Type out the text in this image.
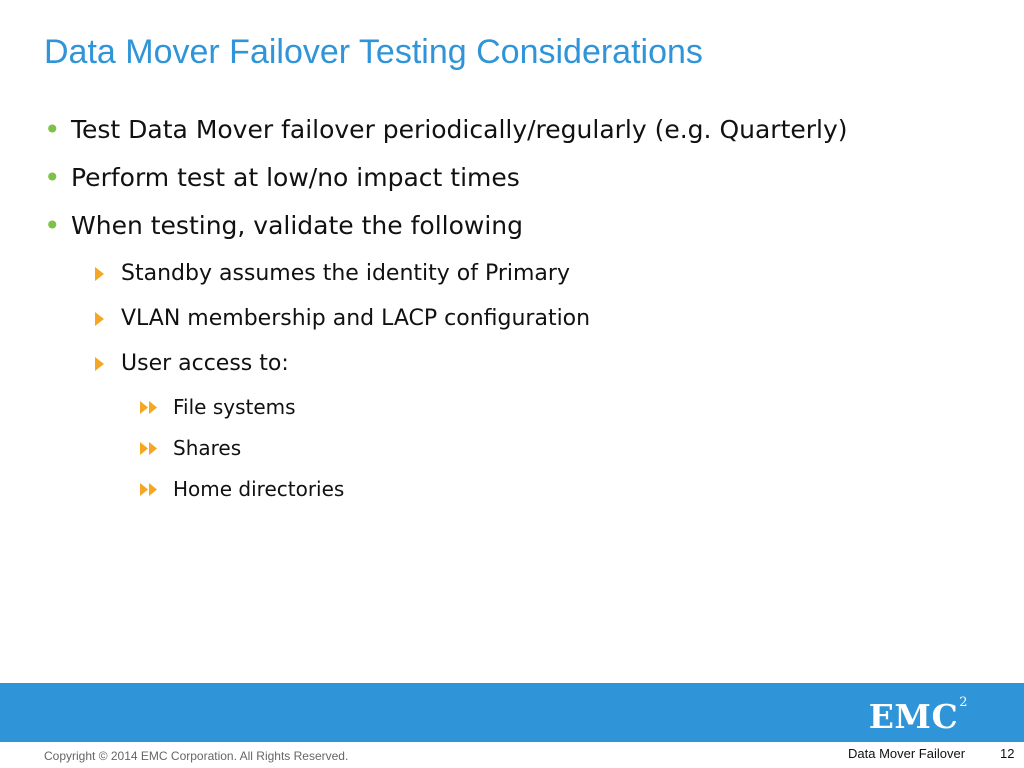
Data Mover Failover Testing Considerations
• Test Data Mover failover periodically/regularly (e.g. Quarterly)
• Perform test at low/no impact times
• When testing, validate the following
Standby assumes the identity of Primary
VLAN membership and LACP configuration
User access to:
File systems
Shares
Home directories
EMC$^2$
Copyright © 2014 EMC Corporation. All Rights Reserved.	Data Mover Failover	12
